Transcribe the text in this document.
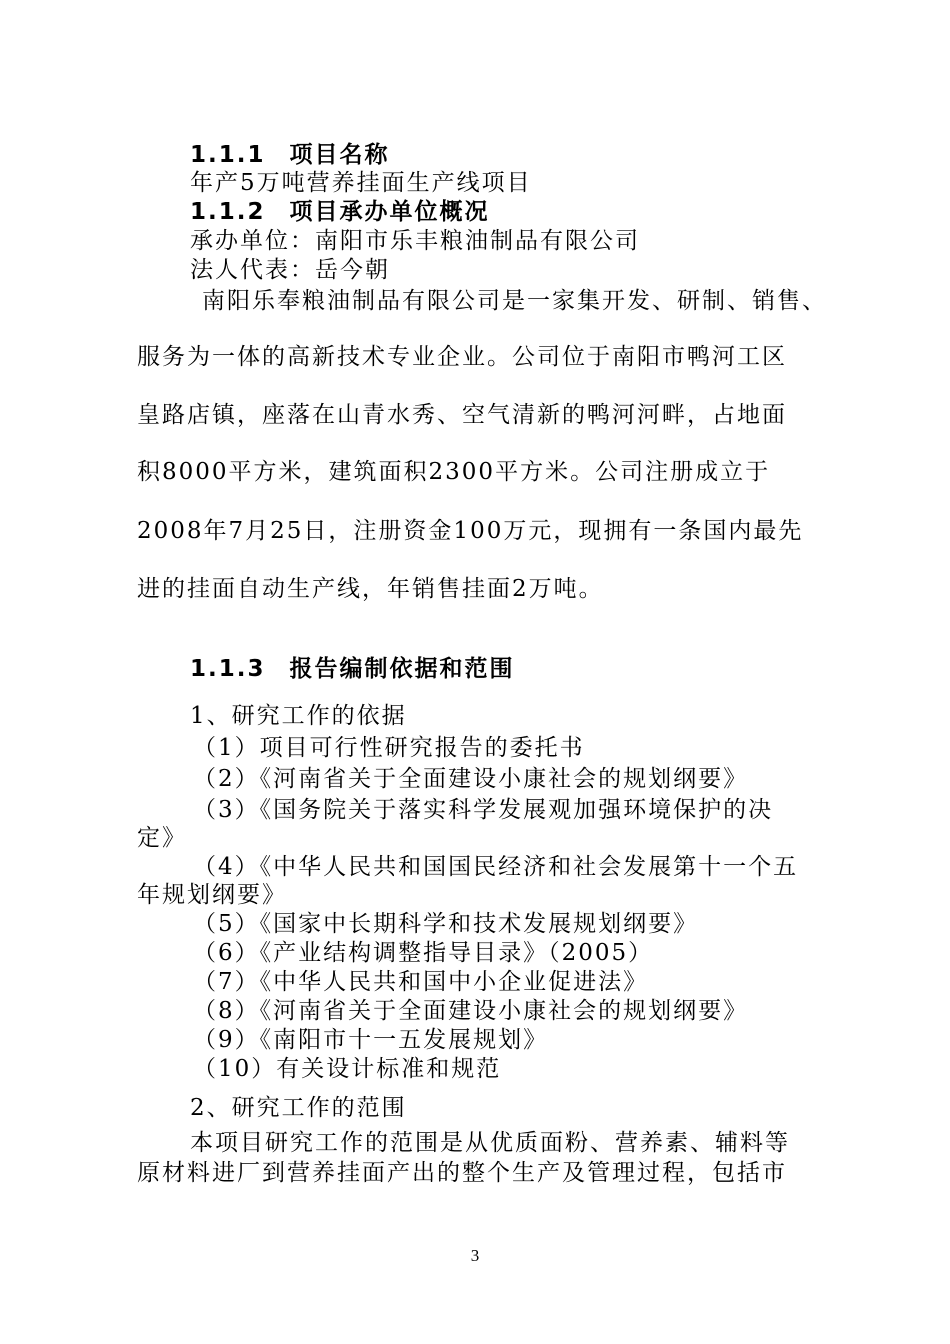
1.1.1 项目名称
年产5万吨营养挂面生产线项目
1.1.2 项目承办单位概况
承办单位：南阳市乐丰粮油制品有限公司
法人代表：岳今朝
南阳乐奉粮油制品有限公司是一家集开发、研制、销售、
服务为一体的高新技术专业企业。公司位于南阳市鸭河工区
皇路店镇，座落在山青水秀、空气清新的鸭河河畔，占地面
积8000平方米，建筑面积2300平方米。公司注册成立于
2008年7月25日，注册资金100万元，现拥有一条国内最先
进的挂面自动生产线，年销售挂面2万吨。
1.1.3 报告编制依据和范围
1、研究工作的依据
（1）项目可行性研究报告的委托书
（2）《河南省关于全面建设小康社会的规划纲要》
（3）《国务院关于落实科学发展观加强环境保护的决
定》
（4）《中华人民共和国国民经济和社会发展第十一个五
年规划纲要》
（5）《国家中长期科学和技术发展规划纲要》
（6）《产业结构调整指导目录》（2005）
（7）《中华人民共和国中小企业促进法》
（8）《河南省关于全面建设小康社会的规划纲要》
（9）《南阳市十一五发展规划》
（10）有关设计标准和规范
2、研究工作的范围
本项目研究工作的范围是从优质面粉、营养素、辅料等
原材料进厂到营养挂面产出的整个生产及管理过程，包括市
3
